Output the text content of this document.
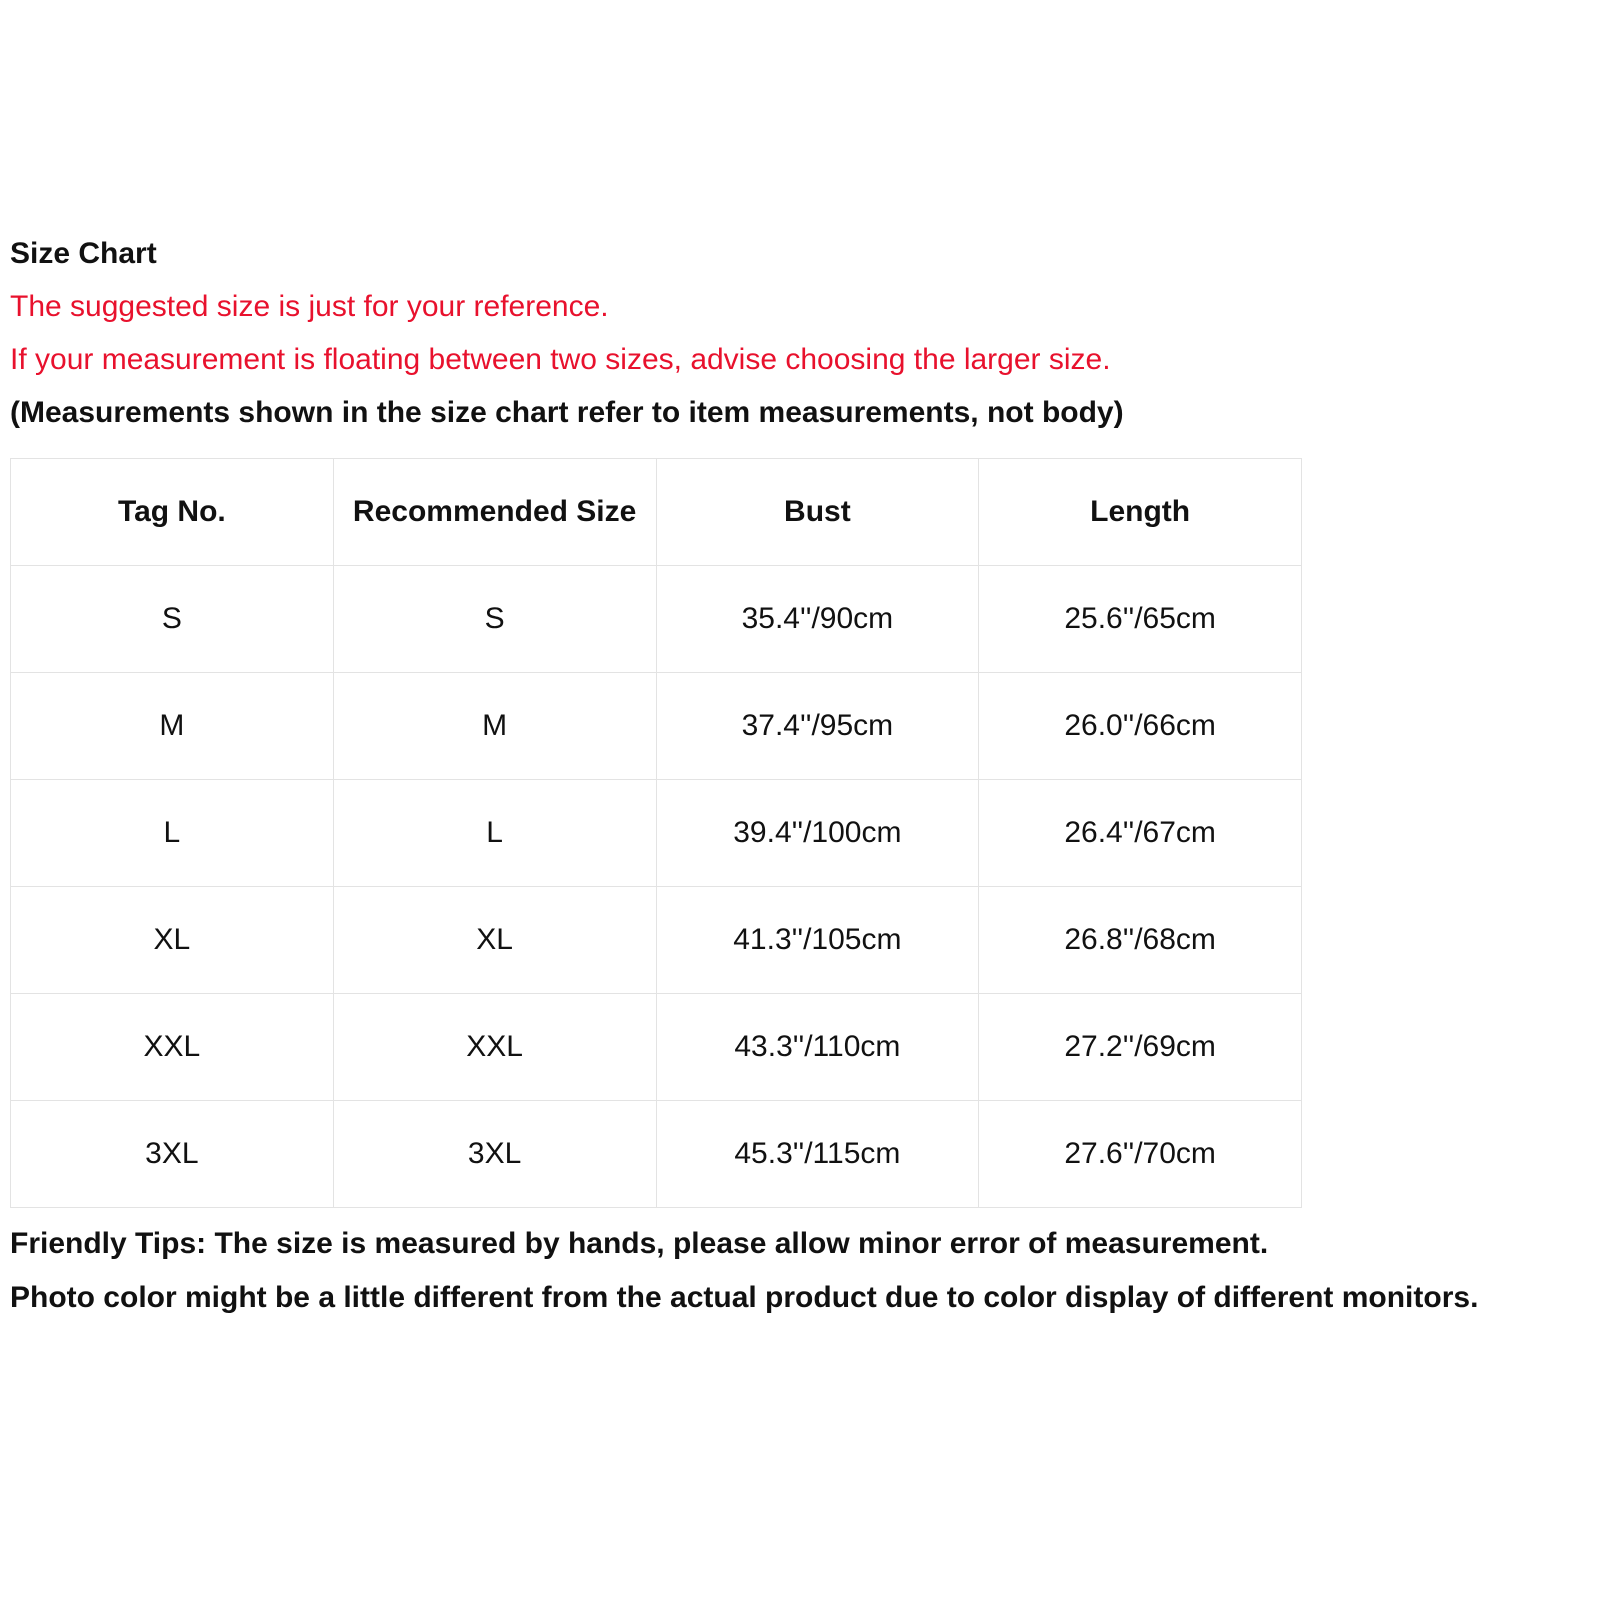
Size Chart
The suggested size is just for your reference.
If your measurement is floating between two sizes, advise choosing the larger size.
(Measurements shown in the size chart refer to item measurements, not body)
Tag No.	Recommended Size	Bust	Length
S	S	35.4''/90cm	25.6''/65cm
M	M	37.4''/95cm	26.0''/66cm
L	L	39.4''/100cm	26.4''/67cm
XL	XL	41.3''/105cm	26.8''/68cm
XXL	XXL	43.3''/110cm	27.2''/69cm
3XL	3XL	45.3''/115cm	27.6''/70cm
Friendly Tips: The size is measured by hands, please allow minor error of measurement.
Photo color might be a little different from the actual product due to color display of different monitors.
